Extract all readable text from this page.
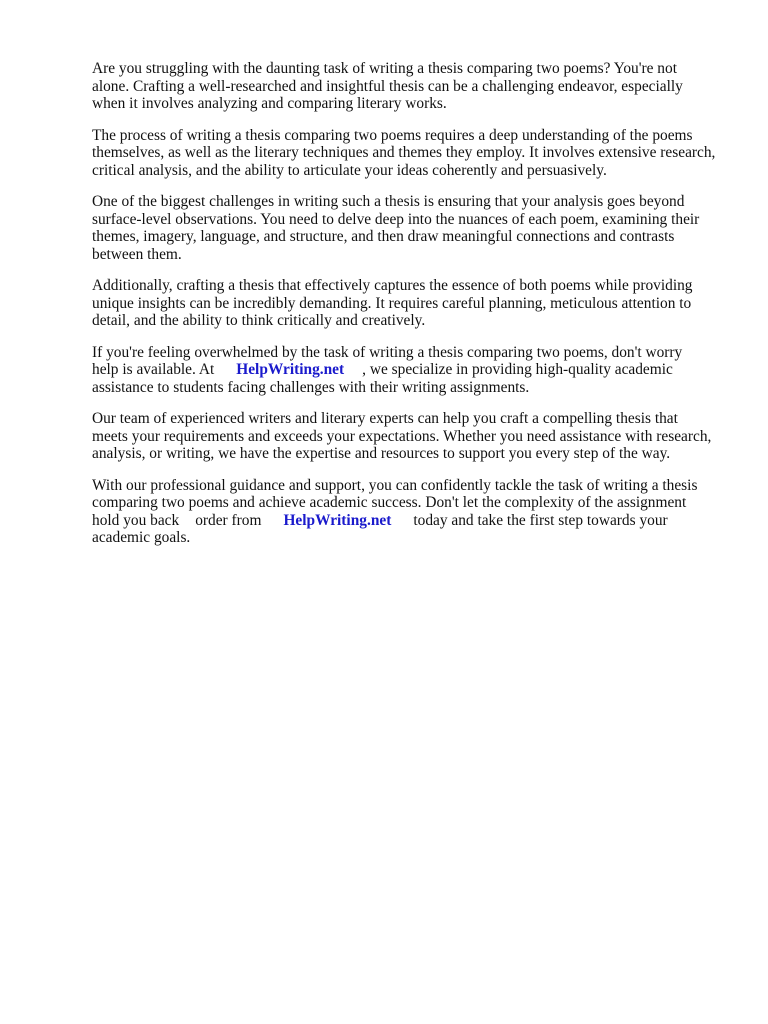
Are you struggling with the daunting task of writing a thesis comparing two poems? You're not
alone. Crafting a well-researched and insightful thesis can be a challenging endeavor, especially
when it involves analyzing and comparing literary works.

The process of writing a thesis comparing two poems requires a deep understanding of the poems
themselves, as well as the literary techniques and themes they employ. It involves extensive research,
critical analysis, and the ability to articulate your ideas coherently and persuasively.

One of the biggest challenges in writing such a thesis is ensuring that your analysis goes beyond
surface-level observations. You need to delve deep into the nuances of each poem, examining their
themes, imagery, language, and structure, and then draw meaningful connections and contrasts
between them.

Additionally, crafting a thesis that effectively captures the essence of both poems while providing
unique insights can be incredibly demanding. It requires careful planning, meticulous attention to
detail, and the ability to think critically and creatively.

If you're feeling overwhelmed by the task of writing a thesis comparing two poems, don't worry
help is available. At HelpWriting.net , we specialize in providing high-quality academic
assistance to students facing challenges with their writing assignments.

Our team of experienced writers and literary experts can help you craft a compelling thesis that
meets your requirements and exceeds your expectations. Whether you need assistance with research,
analysis, or writing, we have the expertise and resources to support you every step of the way.

With our professional guidance and support, you can confidently tackle the task of writing a thesis
comparing two poems and achieve academic success. Don't let the complexity of the assignment
hold you back order from HelpWriting.net today and take the first step towards your
academic goals.
